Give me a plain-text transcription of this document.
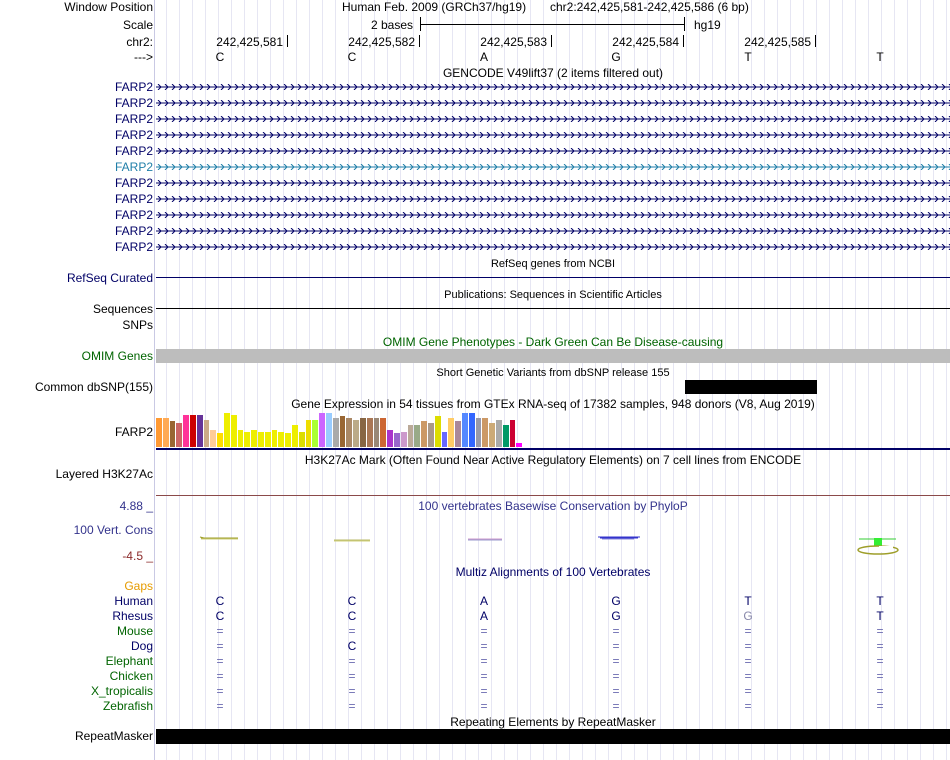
Window Position	Human Feb. 2009 (GRCh37/hg19) chr2:242,425,581-242,425,586 (6 bp)
Scale	2 bases	hg19
chr2:	242,425,581	242,425,582	242,425,583	242,425,584	242,425,585
--->	C	C	A	G	T	T
GENCODE V49lift37 (2 items filtered out)
FARP2
FARP2
FARP2
FARP2
FARP2
FARP2
FARP2
FARP2
FARP2
FARP2
FARP2
RefSeq genes from NCBI
RefSeq Curated
Publications: Sequences in Scientific Articles
Sequences
SNPs
OMIM Gene Phenotypes - Dark Green Can Be Disease-causing
OMIM Genes
Short Genetic Variants from dbSNP release 155
Common dbSNP(155)
Gene Expression in 54 tissues from GTEx RNA-seq of 17382 samples, 948 donors (V8, Aug 2019)
FARP2
H3K27Ac Mark (Often Found Near Active Regulatory Elements) on 7 cell lines from ENCODE
Layered H3K27Ac
100 vertebrates Basewise Conservation by PhyloP
4.88 _
100 Vert. Cons
-4.5 _
Multiz Alignments of 100 Vertebrates
Gaps
Human	C	C	A	G	T	T
Rhesus	C	C	A	G	G	T
Mouse	=	=	=	=	=	=
Dog	=	C	=	=	=	=
Elephant	=	=	=	=	=	=
Chicken	=	=	=	=	=	=
X_tropicalis	=	=	=	=	=	=
Zebrafish	=	=	=	=	=	=
Repeating Elements by RepeatMasker
RepeatMasker
